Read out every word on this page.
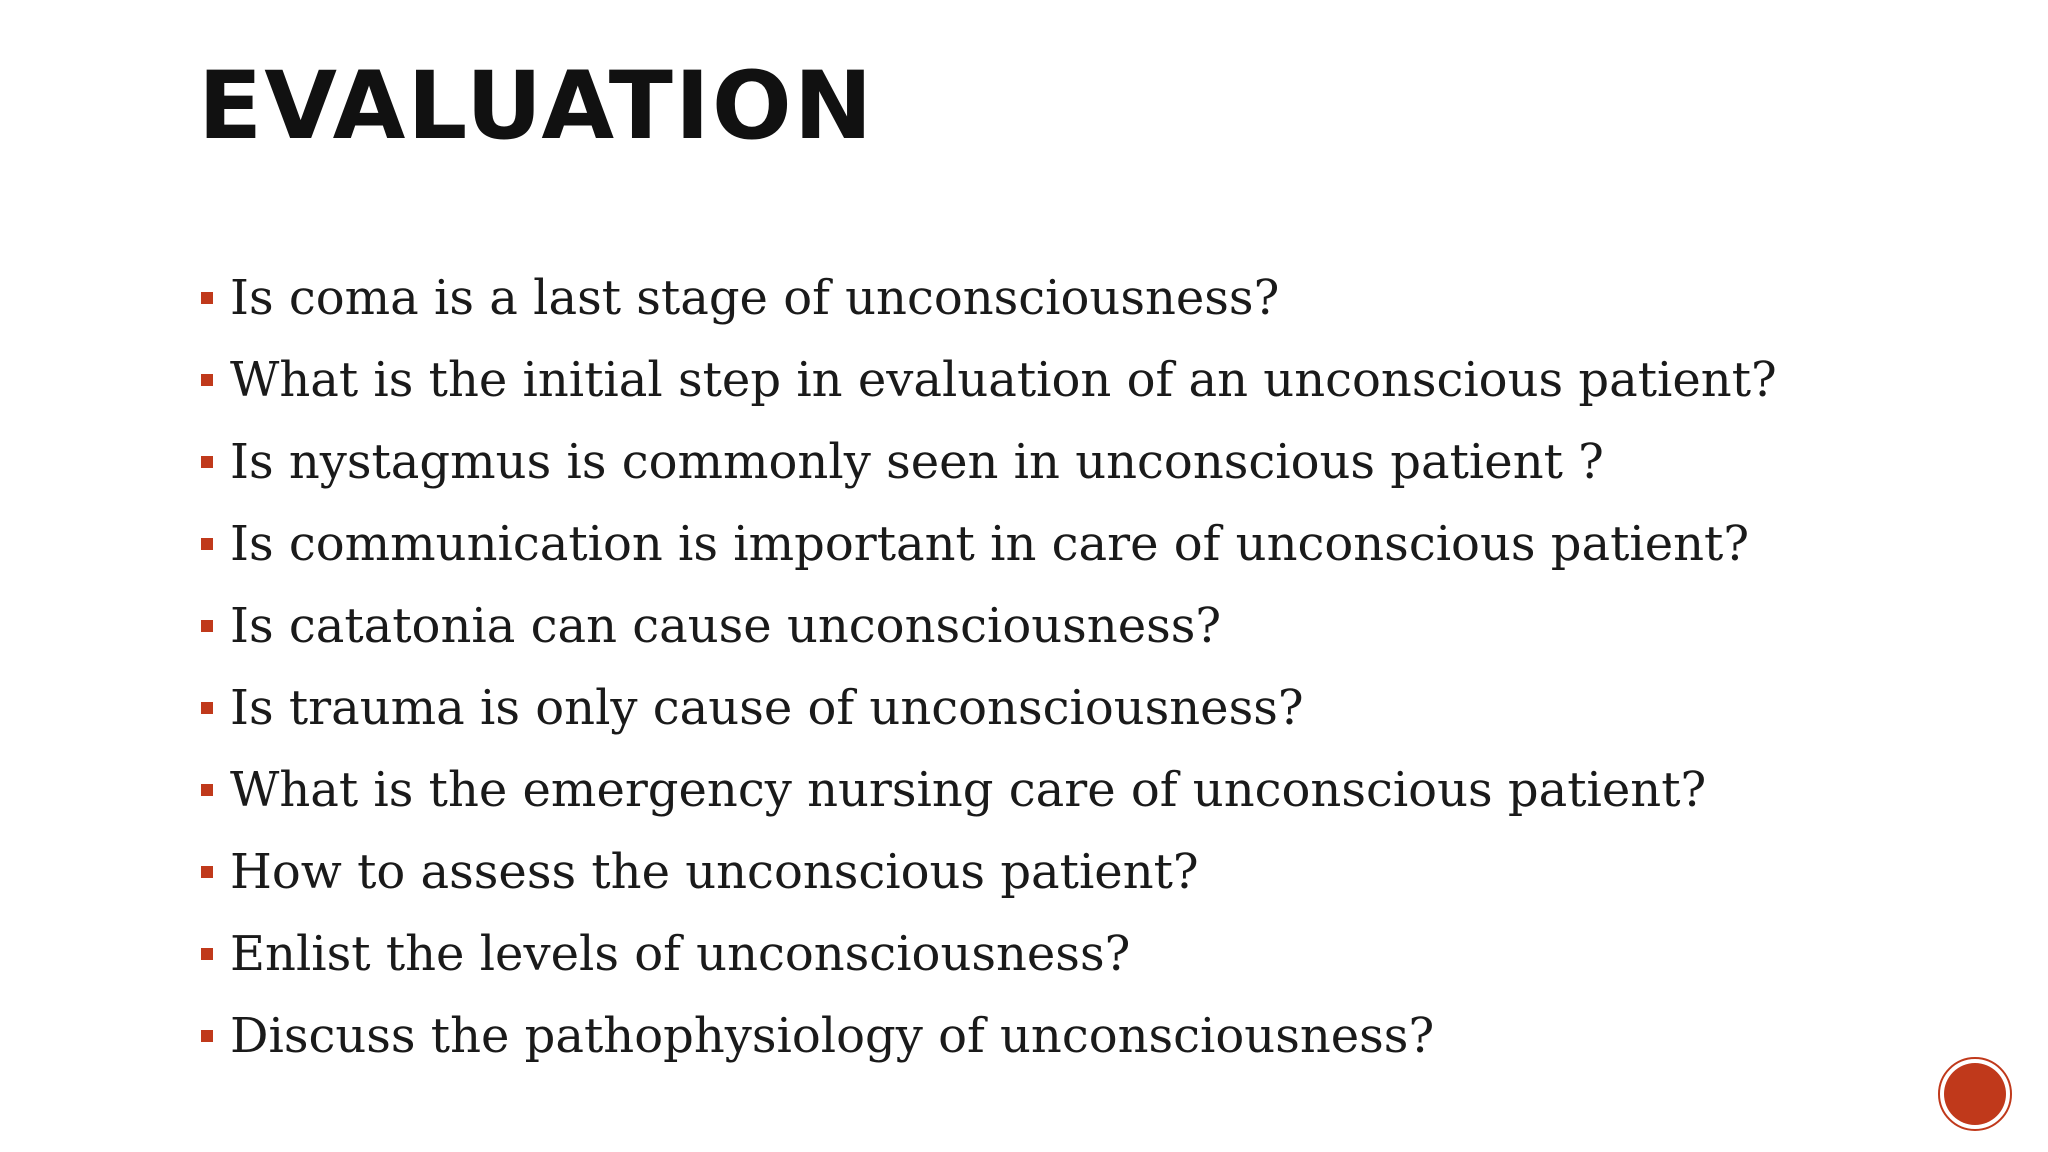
EVALUATION
Is coma is a last stage of unconsciousness?
What is the initial step in evaluation of an unconscious patient?
Is nystagmus is commonly seen in unconscious patient ?
Is communication is important in care of unconscious patient?
Is catatonia can cause unconsciousness?
Is trauma is only cause of unconsciousness?
What is the emergency nursing care of unconscious patient?
How to assess the unconscious patient?
Enlist the levels of unconsciousness?
Discuss the pathophysiology of unconsciousness?
